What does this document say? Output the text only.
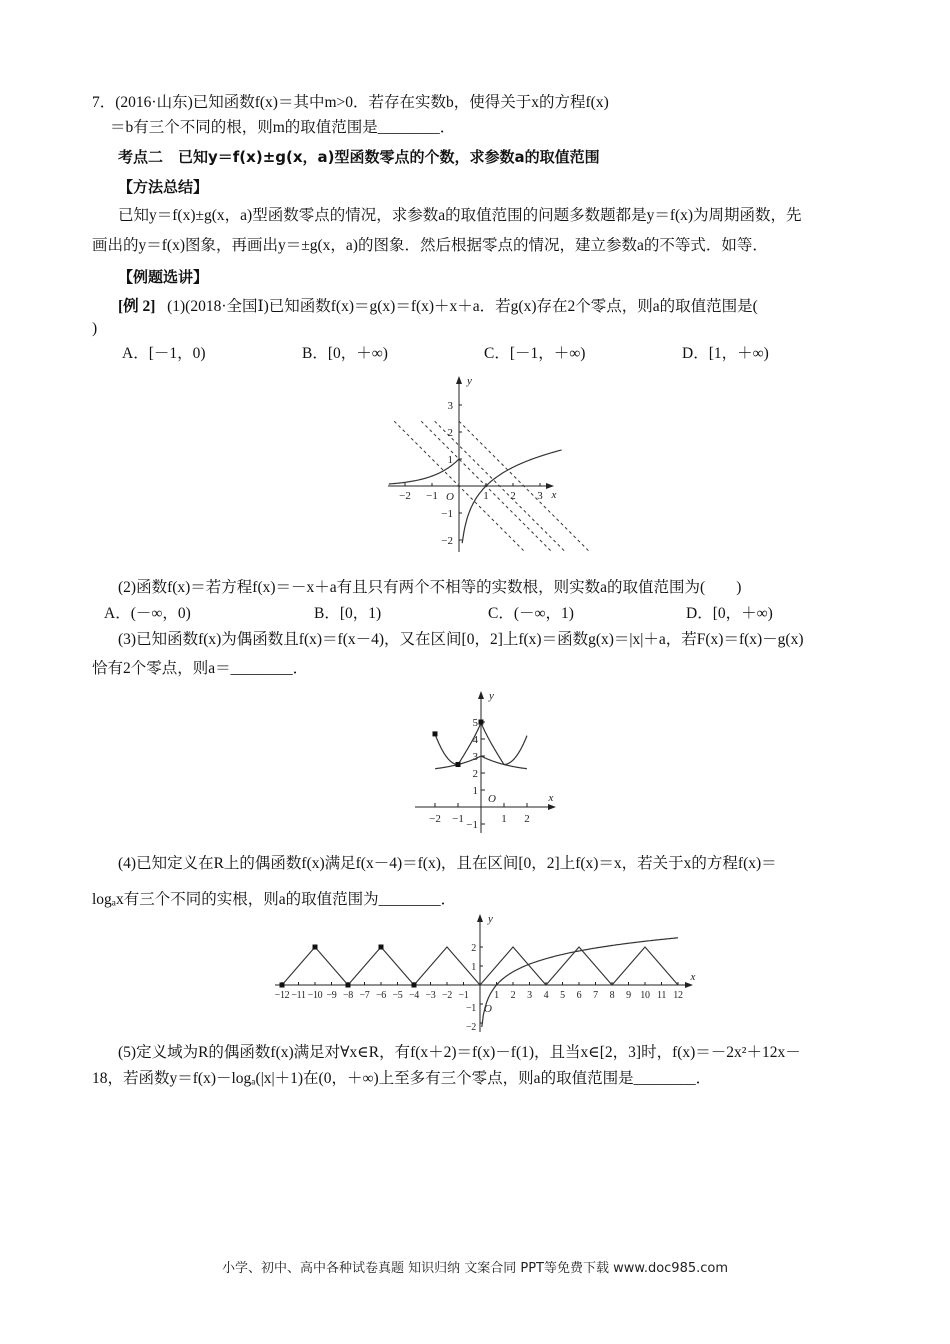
7．(2016·山东)已知函数f(x)＝其中m>0．若存在实数b，使得关于x的方程f(x)
＝b有三个不同的根，则m的取值范围是________．
考点二　已知y＝f(x)±g(x，a)型函数零点的个数，求参数a的取值范围
【方法总结】
已知y＝f(x)±g(x，a)型函数零点的情况，求参数a的取值范围的问题多数题都是y＝f(x)为周期函数，先
画出的y＝f(x)图象，再画出y＝±g(x，a)的图象．然后根据零点的情况，建立参数a的不等式．如等．
【例题选讲】
[例 2] (1)(2018·全国Ⅰ)已知函数f(x)＝g(x)＝f(x)＋x＋a．若g(x)存在2个零点，则a的取值范围是(
)
A．[－1，0)	B．[0，＋∞)	C．[－1，＋∞)	D．[1，＋∞)
x
y
O
−2 −1	1 2 3
3
2
1
−1
−2
(2)函数f(x)＝若方程f(x)＝－x＋a有且只有两个不相等的实数根，则实数a的取值范围为(　　)
A．(－∞，0)	B．[0，1)	C．(－∞，1)	D．[0，＋∞)
(3)已知函数f(x)为偶函数且f(x)＝f(x－4)，又在区间[0，2]上f(x)＝函数g(x)＝|x|＋a，若F(x)＝f(x)－g(x)
恰有2个零点，则a＝________．
x
y
O
−2 −1	1 2
5
4
3
2
1
−1
(4)已知定义在R上的偶函数f(x)满足f(x－4)＝f(x)，且在区间[0，2]上f(x)＝x，若关于x的方程f(x)＝
logₐx有三个不同的实根，则a的取值范围为________．
x
y
O
−12 −11 −10 −9 −8 −7 −6 −5 −4 −3 −2 −1	1 2 3 4 5 6 7 8 9 10 11 12
2
1
−1
−2
(5)定义域为R的偶函数f(x)满足对∀x∈R，有f(x＋2)＝f(x)－f(1)，且当x∈[2，3]时，f(x)＝－2x²＋12x－
18，若函数y＝f(x)－logₐ(|x|＋1)在(0，＋∞)上至多有三个零点，则a的取值范围是________．
小学、初中、高中各种试卷真题 知识归纳 文案合同 PPT等免费下载 www.doc985.com
